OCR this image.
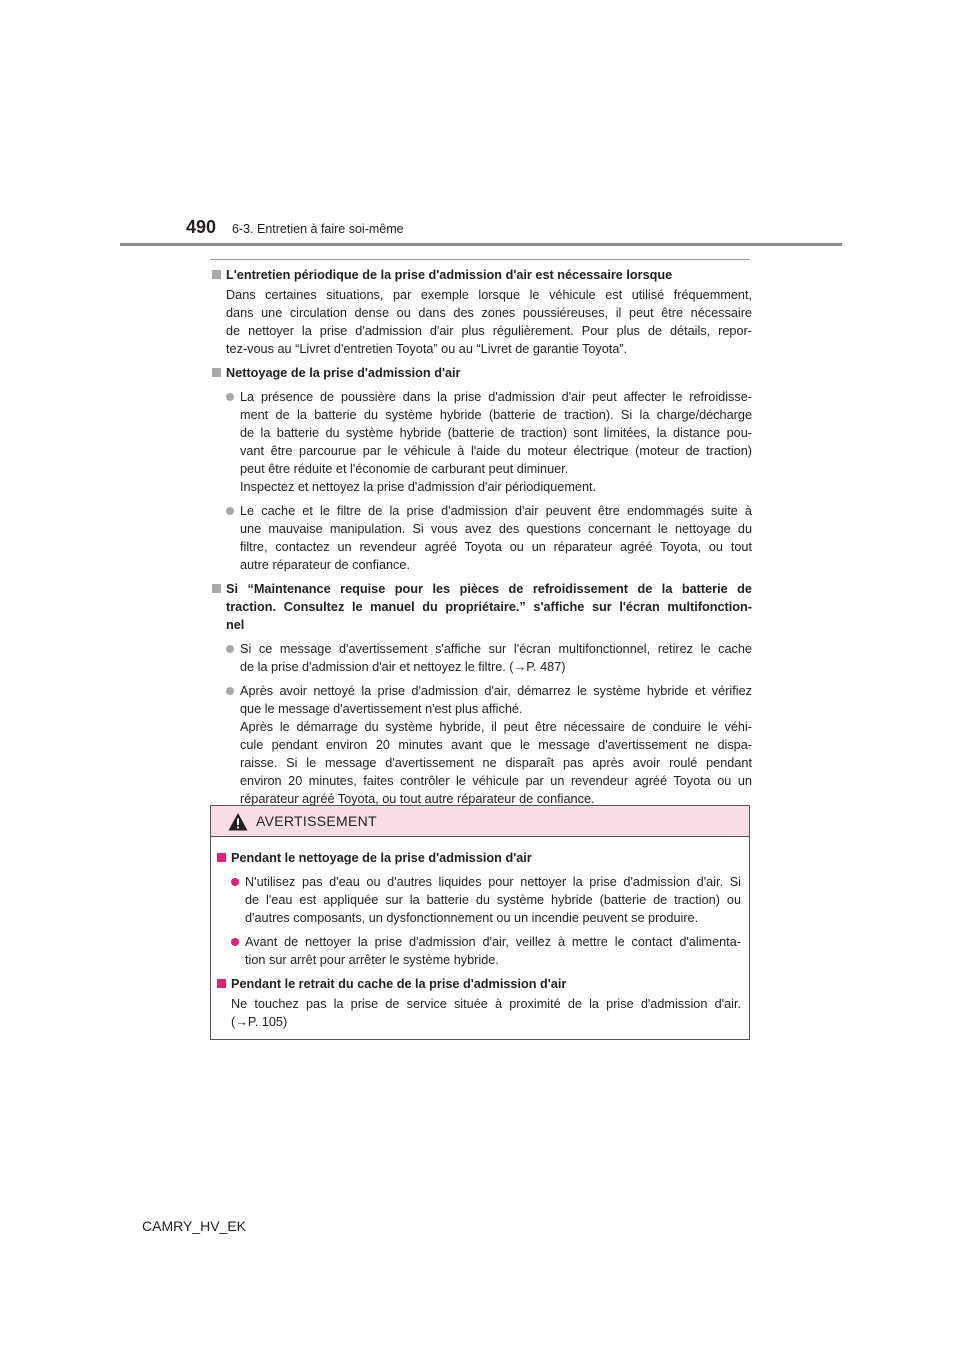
490 6-3. Entretien à faire soi-même
L'entretien périodique de la prise d'admission d'air est nécessaire lorsque
Dans certaines situations, par exemple lorsque le véhicule est utilisé fréquemment,
dans une circulation dense ou dans des zones poussiéreuses, il peut être nécessaire
de nettoyer la prise d'admission d'air plus régulièrement. Pour plus de détails, repor-
tez-vous au “Livret d'entretien Toyota” ou au “Livret de garantie Toyota”.
Nettoyage de la prise d'admission d'air
La présence de poussière dans la prise d'admission d'air peut affecter le refroidisse-
ment de la batterie du système hybride (batterie de traction). Si la charge/décharge
de la batterie du système hybride (batterie de traction) sont limitées, la distance pou-
vant être parcourue par le véhicule à l'aide du moteur électrique (moteur de traction)
peut être réduite et l'économie de carburant peut diminuer.
Inspectez et nettoyez la prise d'admission d'air périodiquement.
Le cache et le filtre de la prise d'admission d'air peuvent être endommagés suite à
une mauvaise manipulation. Si vous avez des questions concernant le nettoyage du
filtre, contactez un revendeur agréé Toyota ou un réparateur agréé Toyota, ou tout
autre réparateur de confiance.
Si “Maintenance requise pour les pièces de refroidissement de la batterie de
traction. Consultez le manuel du propriétaire.” s'affiche sur l'écran multifonction-
nel
Si ce message d'avertissement s'affiche sur l'écran multifonctionnel, retirez le cache
de la prise d'admission d'air et nettoyez le filtre. (→P. 487)
Après avoir nettoyé la prise d'admission d'air, démarrez le système hybride et vérifiez
que le message d'avertissement n'est plus affiché.
Après le démarrage du système hybride, il peut être nécessaire de conduire le véhi-
cule pendant environ 20 minutes avant que le message d'avertissement ne dispa-
raisse. Si le message d'avertissement ne disparaît pas après avoir roulé pendant
environ 20 minutes, faites contrôler le véhicule par un revendeur agréé Toyota ou un
réparateur agréé Toyota, ou tout autre réparateur de confiance.
AVERTISSEMENT
Pendant le nettoyage de la prise d'admission d'air
N'utilisez pas d'eau ou d'autres liquides pour nettoyer la prise d'admission d'air. Si
de l'eau est appliquée sur la batterie du système hybride (batterie de traction) ou
d'autres composants, un dysfonctionnement ou un incendie peuvent se produire.
Avant de nettoyer la prise d'admission d'air, veillez à mettre le contact d'alimenta-
tion sur arrêt pour arrêter le système hybride.
Pendant le retrait du cache de la prise d'admission d'air
Ne touchez pas la prise de service située à proximité de la prise d'admission d'air.
(→P. 105)
CAMRY_HV_EK
